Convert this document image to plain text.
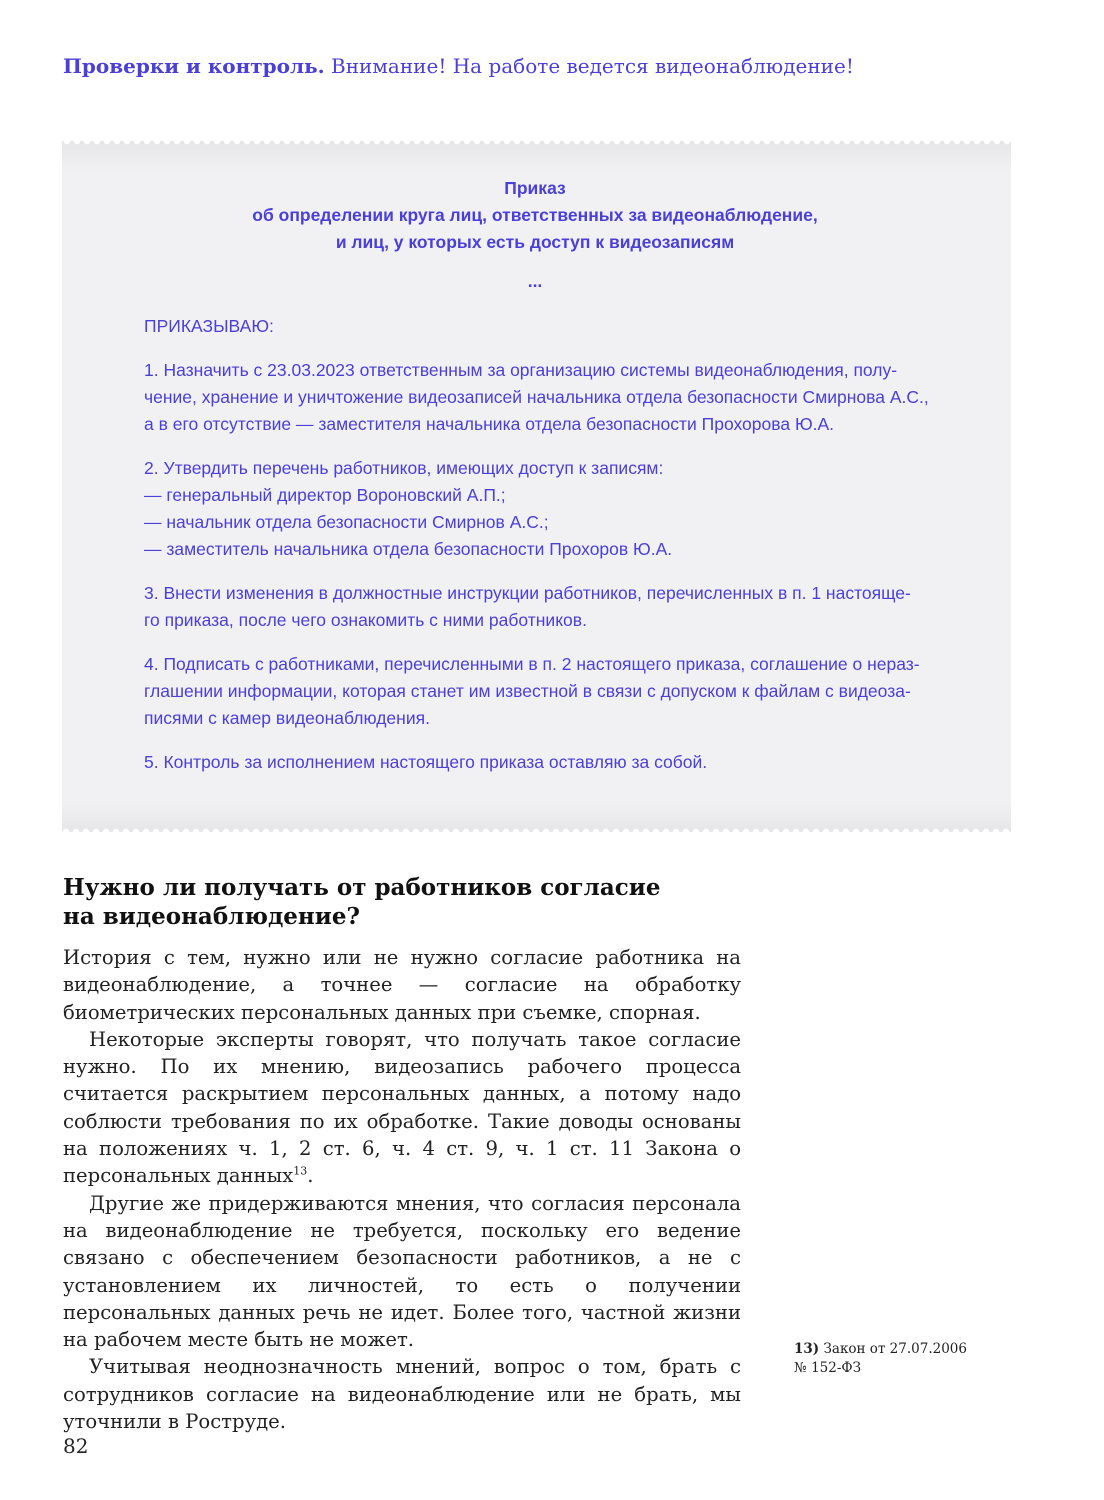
Проверки и контроль. Внимание! На работе ведется видеонаблюдение!
Приказ
об определении круга лиц, ответственных за видеонаблюдение,
и лиц, у которых есть доступ к видеозаписям
...
ПРИКАЗЫВАЮ:

1. Назначить с 23.03.2023 ответственным за организацию системы видеонаблюдения, полу-

чение, хранение и уничтожение видеозаписей начальника отдела безопасности Смирнова А.С.,

а в его отсутствие — заместителя начальника отдела безопасности Прохорова Ю.А.

2. Утвердить перечень работников, имеющих доступ к записям:

— генеральный директор Вороновский А.П.;

— начальник отдела безопасности Смирнов А.С.;

— заместитель начальника отдела безопасности Прохоров Ю.А.

3. Внести изменения в должностные инструкции работников, перечисленных в п. 1 настояще-

го приказа, после чего ознакомить с ними работников.

4. Подписать с работниками, перечисленными в п. 2 настоящего приказа, соглашение о нераз-

глашении информации, которая станет им известной в связи с допуском к файлам с видеоза-

писями с камер видеонаблюдения.

5. Контроль за исполнением настоящего приказа оставляю за собой.

Нужно ли получать от работников согласие
на видеонаблюдение?

История с тем, нужно или не нужно согласие работника на видеонаблюдение, а точнее — согласие на обработку биометрических персональных данных при съемке, спорная.

Некоторые эксперты говорят, что получать такое согласие нужно. По их мнению, видеозапись рабочего процесса считается раскрытием персональных данных, а потому надо соблюсти требования по их обработке. Такие доводы основаны на положениях ч. 1, 2 ст. 6, ч. 4 ст. 9, ч. 1 ст. 11 Закона о персональных данных$^{13}$.

Другие же придерживаются мнения, что согласия персонала на видеонаблюдение не требуется, поскольку его ведение связано с обеспечением безопасности работников, а не с установлением их личностей, то есть о получении персональных данных речь не идет. Более того, частной жизни на рабочем месте быть не может.

Учитывая неоднозначность мнений, вопрос о том, брать с сотрудников согласие на видеонаблюдение или не брать, мы уточнили в Роструде.

13) Закон от 27.07.2006
№ 152-ФЗ
82
